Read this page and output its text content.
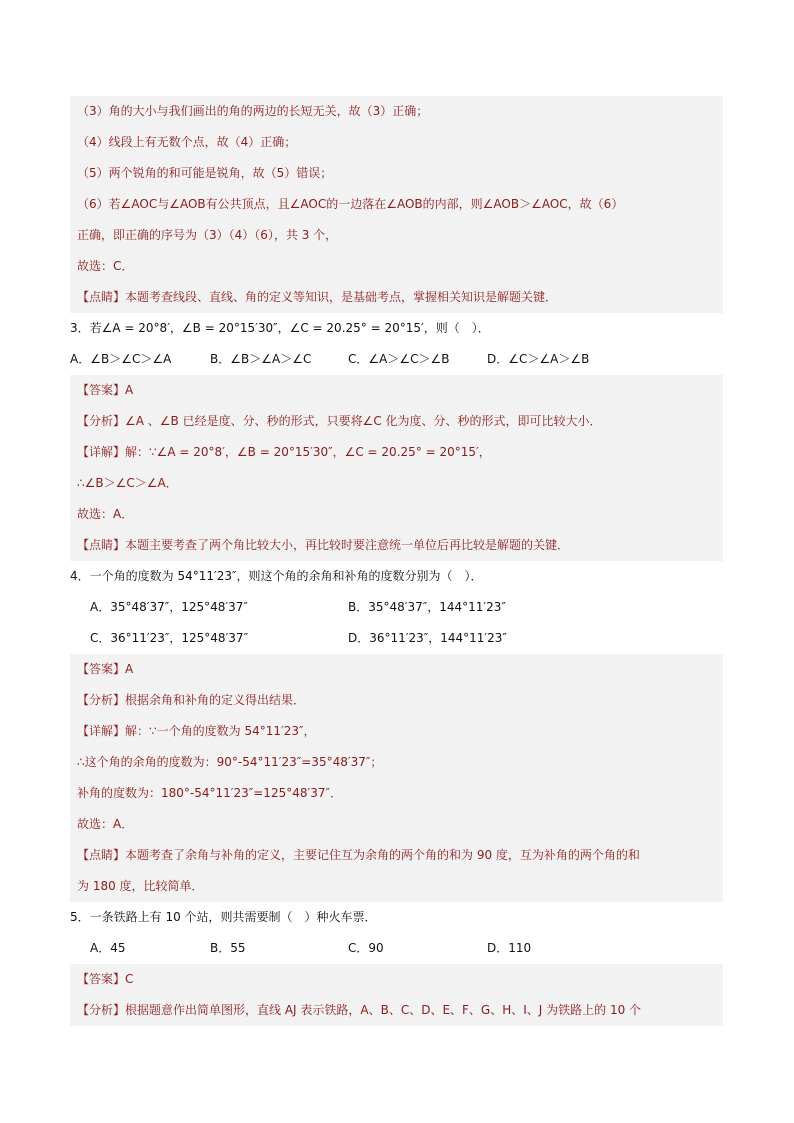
（3）角的大小与我们画出的角的两边的长短无关，故（3）正确；
（4）线段上有无数个点，故（4）正确；
（5）两个锐角的和可能是锐角，故（5）错误；
（6）若∠AOC与∠AOB有公共顶点，且∠AOC的一边落在∠AOB的内部，则∠AOB＞∠AOC，故（6）
正确，即正确的序号为（3）（4）（6），共 3 个，
故选：C．
【点睛】本题考查线段、直线、角的定义等知识，是基础考点，掌握相关知识是解题关键．
3．若∠A = 20°8′，∠B = 20°15′30″，∠C = 20.25° = 20°15′，则（　）．
A．∠B＞∠C＞∠A	B．∠B＞∠A＞∠C	C．∠A＞∠C＞∠B	D．∠C＞∠A＞∠B
【答案】A
【分析】∠A 、∠B 已经是度、分、秒的形式，只要将∠C 化为度、分、秒的形式，即可比较大小．
【详解】解：∵∠A = 20°8′，∠B = 20°15′30″，∠C = 20.25° = 20°15′，
∴∠B＞∠C＞∠A．
故选：A．
【点睛】本题主要考查了两个角比较大小，再比较时要注意统一单位后再比较是解题的关键．
4．一个角的度数为 54°11′23″，则这个角的余角和补角的度数分别为（　）．
A．35°48′37″，125°48′37″	B．35°48′37″，144°11′23″
C．36°11′23″，125°48′37″	D．36°11′23″，144°11′23″
【答案】A
【分析】根据余角和补角的定义得出结果．
【详解】解：∵一个角的度数为 54°11′23″，
∴这个角的余角的度数为：90°-54°11′23″=35°48′37″；
补角的度数为：180°-54°11′23″=125°48′37″．
故选：A．
【点睛】本题考查了余角与补角的定义，主要记住互为余角的两个角的和为 90 度，互为补角的两个角的和
为 180 度，比较简单．
5．一条铁路上有 10 个站，则共需要制（　）种火车票．
A．45	B．55	C．90	D．110
【答案】C
【分析】根据题意作出简单图形，直线 AJ 表示铁路，A、B、C、D、E、F、G、H、I、J 为铁路上的 10 个
